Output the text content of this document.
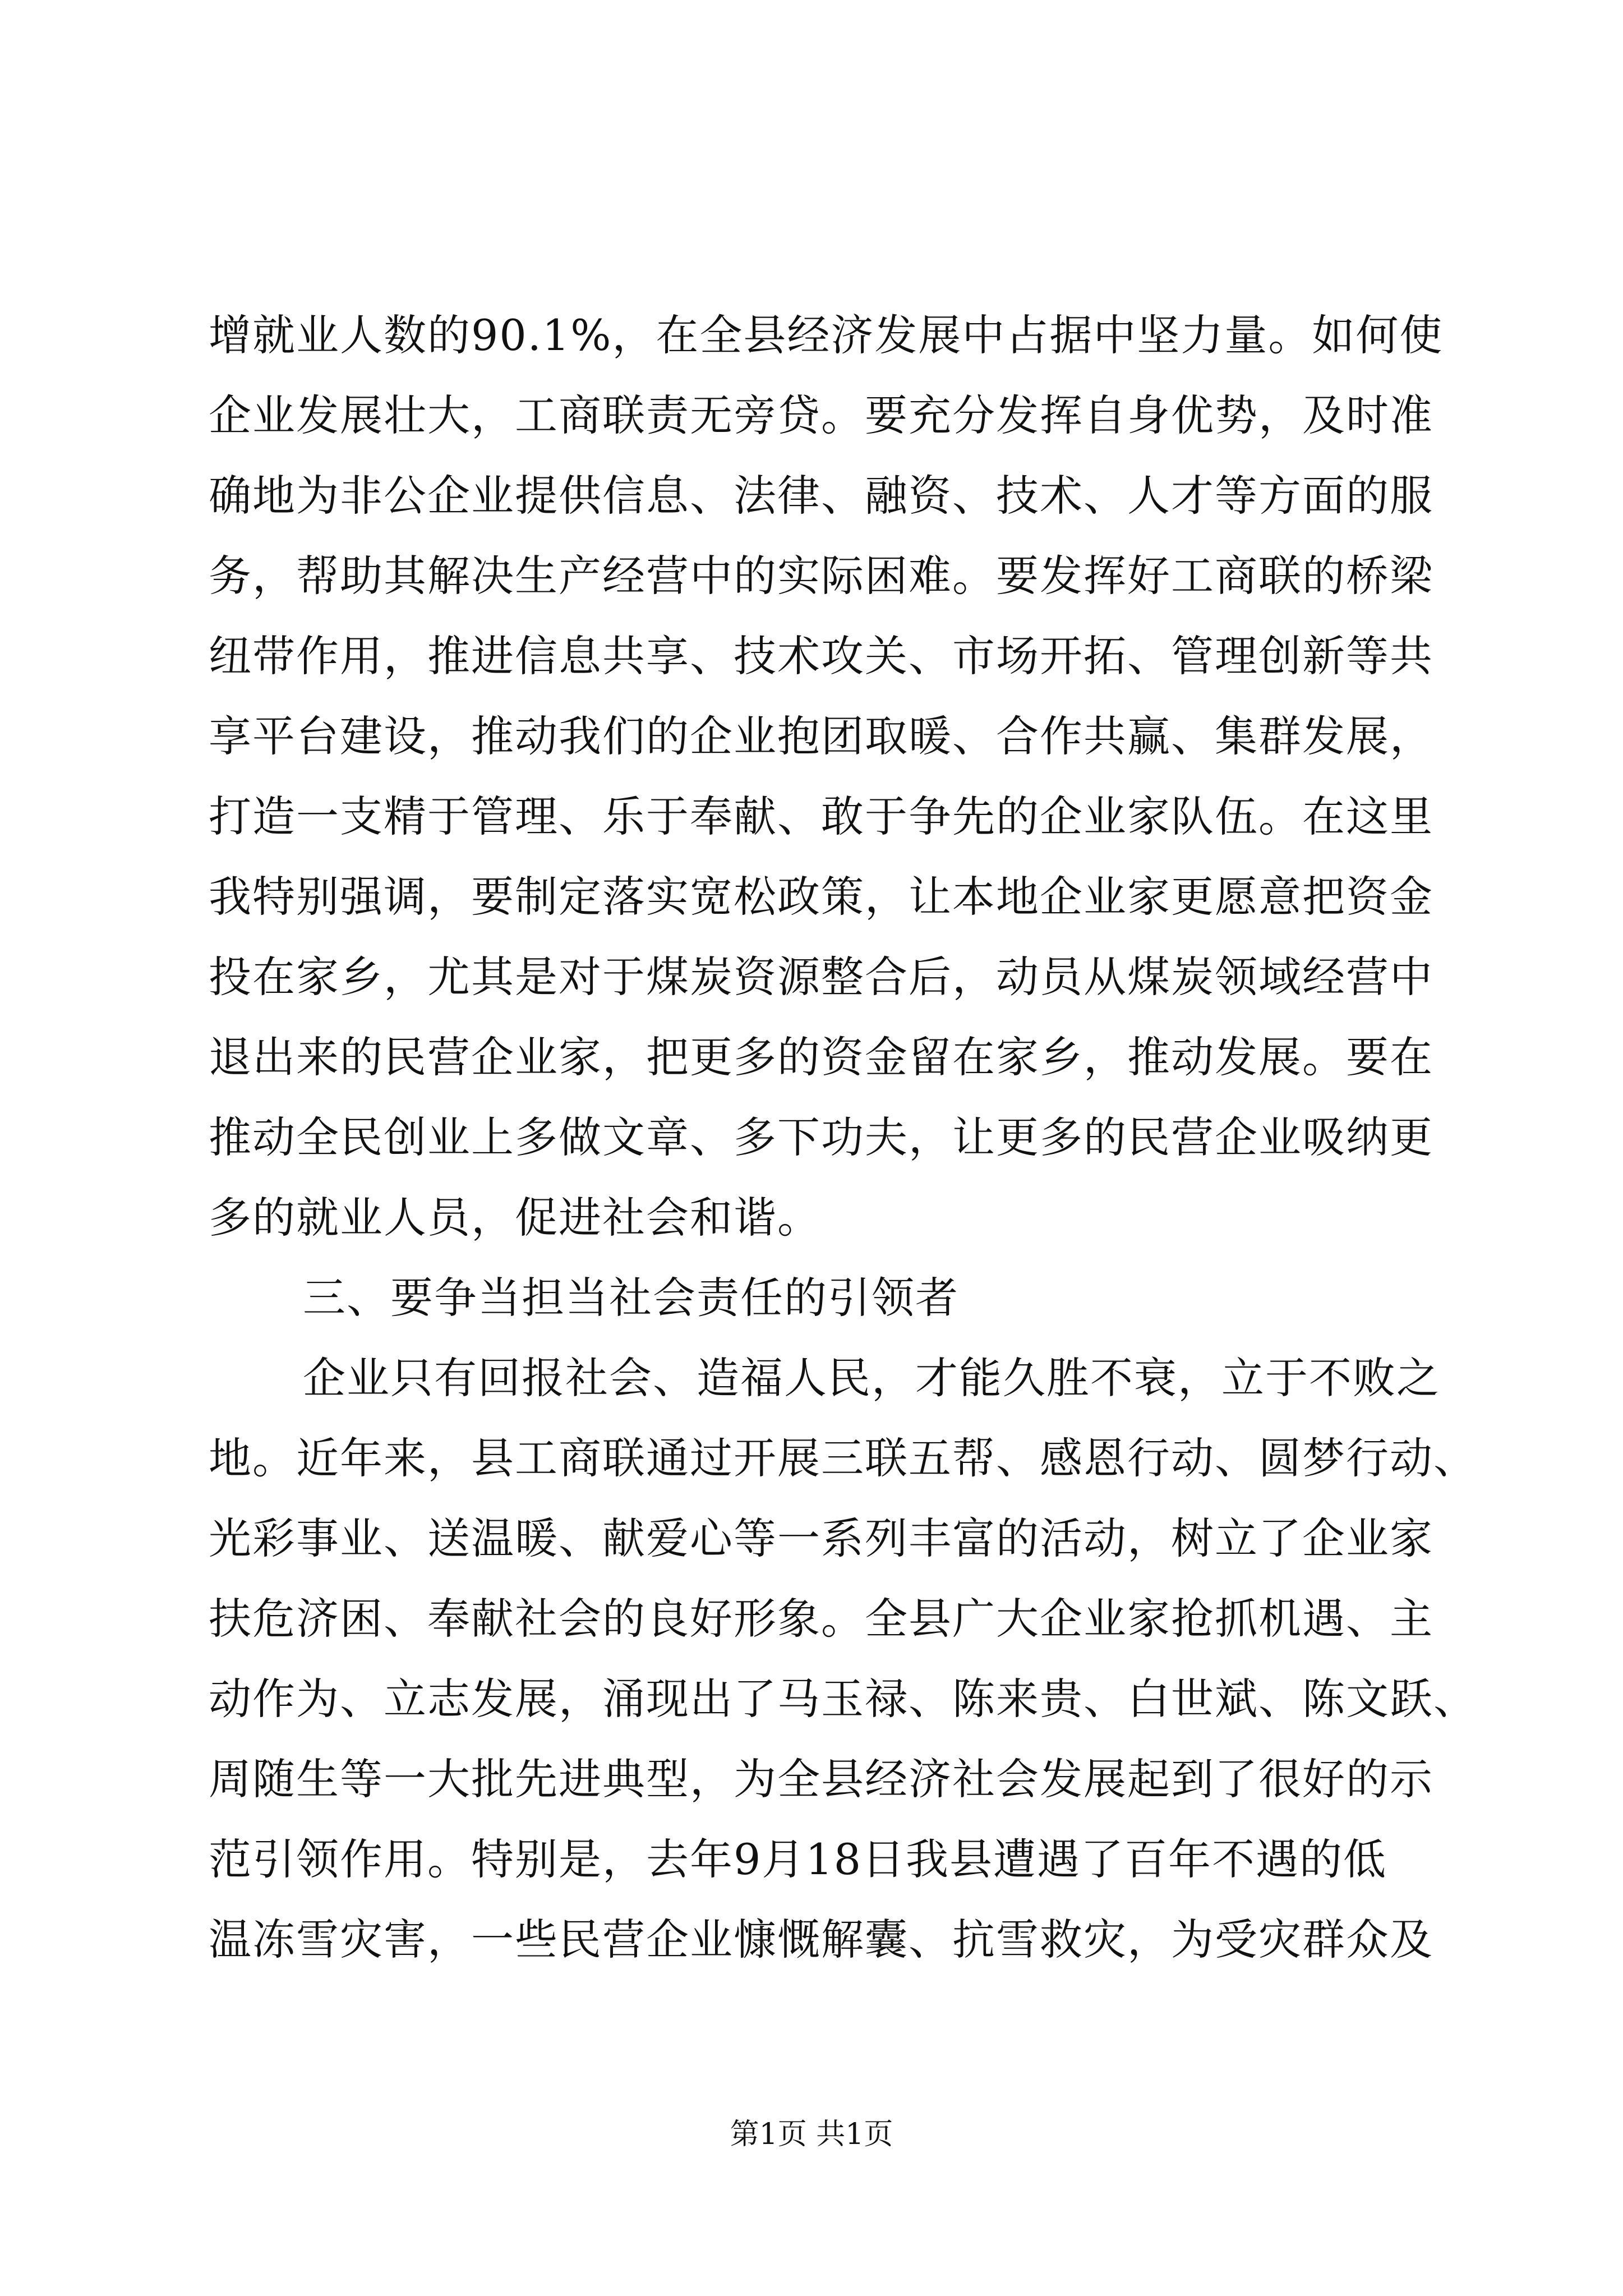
增就业人数的90.1%，在全县经济发展中占据中坚力量。如何使
企业发展壮大，工商联责无旁贷。要充分发挥自身优势，及时准
确地为非公企业提供信息、法律、融资、技术、人才等方面的服
务，帮助其解决生产经营中的实际困难。要发挥好工商联的桥梁
纽带作用，推进信息共享、技术攻关、市场开拓、管理创新等共
享平台建设，推动我们的企业抱团取暖、合作共赢、集群发展，
打造一支精于管理、乐于奉献、敢于争先的企业家队伍。在这里
我特别强调，要制定落实宽松政策，让本地企业家更愿意把资金
投在家乡，尤其是对于煤炭资源整合后，动员从煤炭领域经营中
退出来的民营企业家，把更多的资金留在家乡，推动发展。要在
推动全民创业上多做文章、多下功夫，让更多的民营企业吸纳更
多的就业人员，促进社会和谐。
三、要争当担当社会责任的引领者
企业只有回报社会、造福人民，才能久胜不衰，立于不败之
地。近年来，县工商联通过开展三联五帮、感恩行动、圆梦行动、
光彩事业、送温暖、献爱心等一系列丰富的活动，树立了企业家
扶危济困、奉献社会的良好形象。全县广大企业家抢抓机遇、主
动作为、立志发展，涌现出了马玉禄、陈来贵、白世斌、陈文跃、
周随生等一大批先进典型，为全县经济社会发展起到了很好的示
范引领作用。特别是，去年9月18日我县遭遇了百年不遇的低
温冻雪灾害，一些民营企业慷慨解囊、抗雪救灾，为受灾群众及
第1页 共1页
